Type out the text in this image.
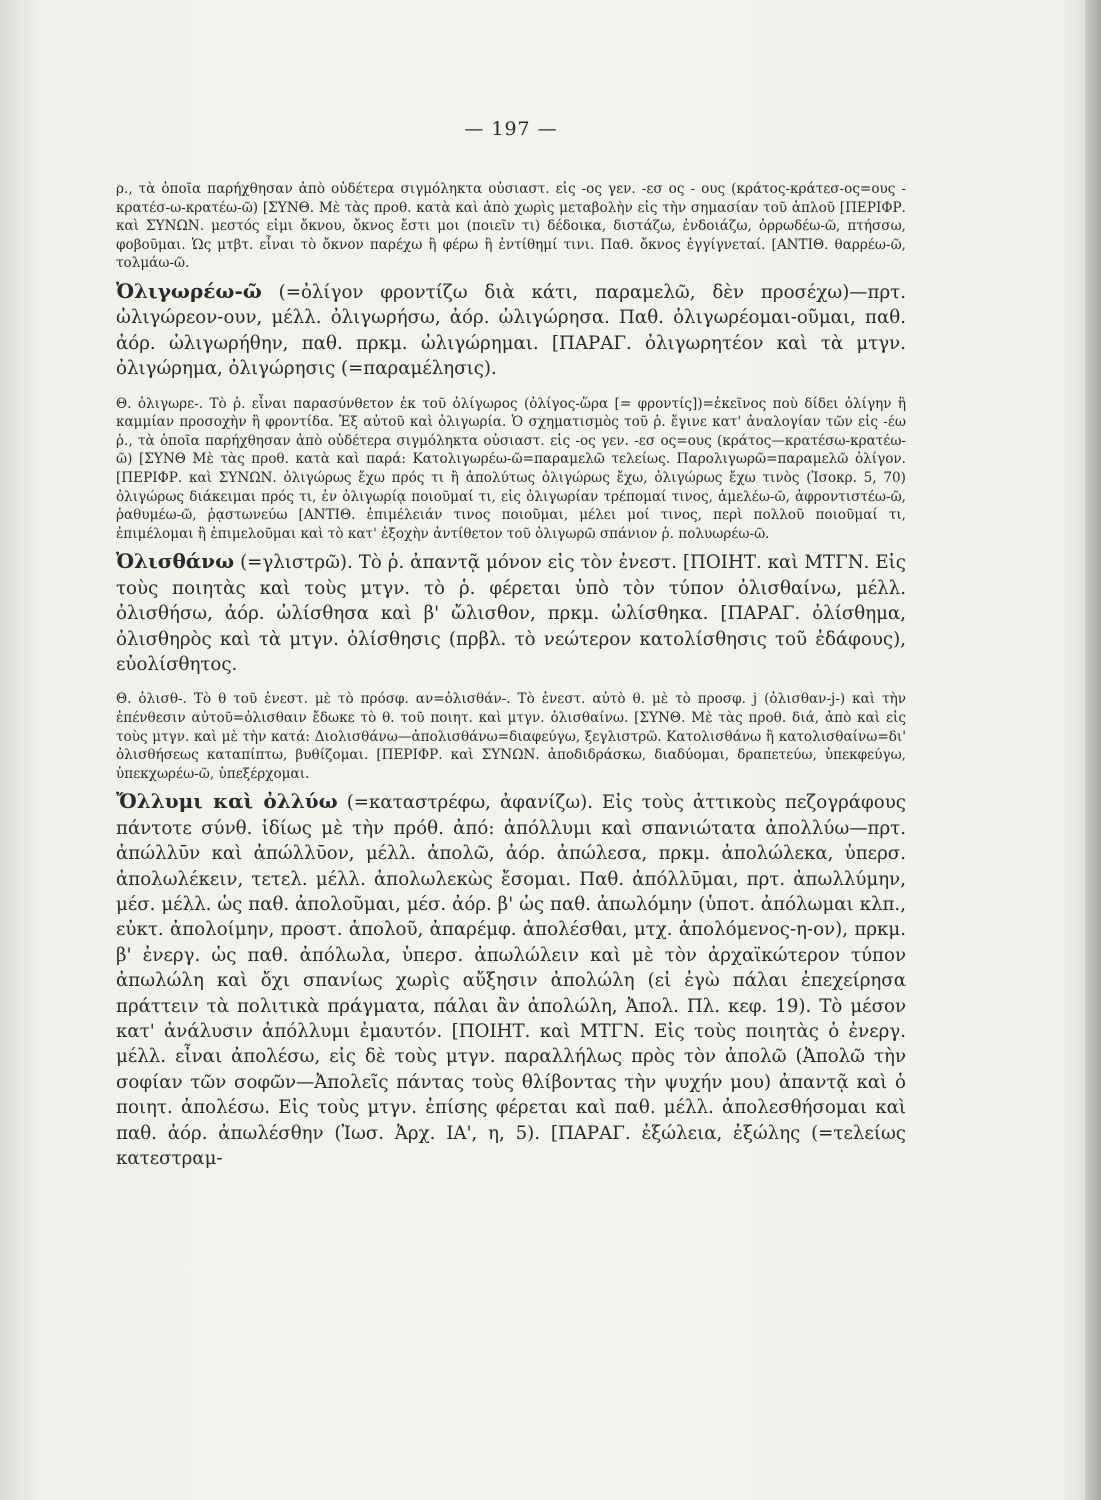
— 197 —

ρ., τὰ ὁποῖα παρήχθησαν ἀπὸ οὐδέτερα σιγμόληκτα οὐσιαστ. εἰς -ος γεν. -εσ ος - ους (κράτος-κράτεσ-ος=ους - κρατέσ-ω-κρατέω-ῶ) [ΣΥΝΘ. Μὲ τὰς προθ. κατὰ καὶ ἀπὸ χωρὶς μεταβολὴν εἰς τὴν σημασίαν τοῦ ἁπλοῦ [ΠΕΡΙΦΡ. καὶ ΣΥΝΩΝ. μεστός εἰμι ὄκνου, ὄκνος ἔστι μοι (ποιεῖν τι) δέδοικα, διστάζω, ἐνδοιάζω, ὀρρωδέω-ῶ, πτήσσω, φοβοῦμαι. Ὡς μτβτ. εἶναι τὸ ὄκνον παρέχω ἢ φέρω ἢ ἐντίθημί τινι. Παθ. ὄκνος ἐγγίγνεταί. [ΑΝΤΙΘ. θαρρέω-ῶ, τολμάω-ῶ.

Ὀλιγωρέω-ῶ (=ὀλίγον φροντίζω διὰ κάτι, παραμελῶ, δὲν προσέχω)—πρτ. ὠλιγώρεον-ουν, μέλλ. ὀλιγωρήσω, ἀόρ. ὠλιγώρησα. Παθ. ὀλιγωρέομαι-οῦμαι, παθ. ἀόρ. ὠλιγωρήθην, παθ. πρκμ. ὠλιγώρημαι. [ΠΑΡΑΓ. ὀλιγωρητέον καὶ τὰ μτγν. ὀλιγώρημα, ὀλιγώρησις (=παραμέλησις).

Θ. ὀλιγωρε-. Τὸ ῥ. εἶναι παρασύνθετον ἐκ τοῦ ὀλίγωρος (ὀλίγος-ὥρα [= φροντίς])=ἐκεῖνος ποὺ δίδει ὀλίγην ἢ καμμίαν προσοχὴν ἢ φροντίδα. Ἐξ αὐτοῦ καὶ ὀλιγωρία. Ὁ σχηματισμὸς τοῦ ῥ. ἔγινε κατ' ἀναλογίαν τῶν εἰς -έω ῥ., τὰ ὁποῖα παρήχθησαν ἀπὸ οὐδέτερα σιγμόληκτα οὐσιαστ. εἰς -ος γεν. -εσ ος=ους (κράτος—κρατέσω-κρατέω-ῶ) [ΣΥΝΘ Μὲ τὰς προθ. κατὰ καὶ παρά: Κατολιγωρέω-ῶ=παραμελῶ τελείως. Παρολιγωρῶ=παραμελῶ ὀλίγον. [ΠΕΡΙΦΡ. καὶ ΣΥΝΩΝ. ὀλιγώρως ἔχω πρός τι ἢ ἀπολύτως ὀλιγώρως ἔχω, ὀλιγώρως ἔχω τινὸς (Ἰσοκρ. 5, 70) ὀλιγώρως διάκειμαι πρός τι, ἐν ὀλιγωρίᾳ ποιοῦμαί τι, εἰς ὀλιγωρίαν τρέπομαί τινος, ἀμελέω-ῶ, ἀφροντιστέω-ῶ, ῥαθυμέω-ῶ, ῥᾳστωνεύω [ΑΝΤΙΘ. ἐπιμέλειάν τινος ποιοῦμαι, μέλει μοί τινος, περὶ πολλοῦ ποιοῦμαί τι, ἐπιμέλομαι ἢ ἐπιμελοῦμαι καὶ τὸ κατ' ἐξοχὴν ἀντίθετον τοῦ ὀλιγωρῶ σπάνιον ῥ. πολυωρέω-ῶ.

Ὀλισθάνω (=γλιστρῶ). Τὸ ῥ. ἀπαντᾷ μόνον εἰς τὸν ἐνεστ. [ΠΟΙΗΤ. καὶ ΜΤΓΝ. Εἰς τοὺς ποιητὰς καὶ τοὺς μτγν. τὸ ῥ. φέρεται ὑπὸ τὸν τύπον ὀλισθαίνω, μέλλ. ὀλισθήσω, ἀόρ. ὠλίσθησα καὶ β' ὤλισθον, πρκμ. ὠλίσθηκα. [ΠΑΡΑΓ. ὀλίσθημα, ὀλισθηρὸς καὶ τὰ μτγν. ὀλίσθησις (πρβλ. τὸ νεώτερον κατολίσθησις τοῦ ἐδάφους), εὐολίσθητος.

Θ. ὀλισθ-. Τὸ θ τοῦ ἐνεστ. μὲ τὸ πρόσφ. αν=ὀλισθάν-. Τὸ ἐνεστ. αὐτὸ θ. μὲ τὸ προσφ. j (ὀλισθαν-j-) καὶ τὴν ἐπένθεσιν αὐτοῦ=ὀλισθαιν ἔδωκε τὸ θ. τοῦ ποιητ. καὶ μτγν. ὀλισθαίνω. [ΣΥΝΘ. Μὲ τὰς προθ. διά, ἀπὸ καὶ εἰς τοὺς μτγν. καὶ μὲ τὴν κατά: Διολισθάνω—ἀπολισθάνω=διαφεύγω, ξεγλιστρῶ. Κατολισθάνω ἢ κατολισθαίνω=δι' ὀλισθήσεως καταπίπτω, βυθίζομαι. [ΠΕΡΙΦΡ. καὶ ΣΥΝΩΝ. ἀποδιδράσκω, διαδύομαι, δραπετεύω, ὑπεκφεύγω, ὑπεκχωρέω-ῶ, ὑπεξέρχομαι.

Ὄλλυμι καὶ ὀλλύω (=καταστρέφω, ἀφανίζω). Εἰς τοὺς ἀττικοὺς πεζογράφους πάντοτε σύνθ. ἰδίως μὲ τὴν πρόθ. ἀπό: ἀπόλλυμι καὶ σπανιώτατα ἀπολλύω—πρτ. ἀπώλλῡν καὶ ἀπώλλῡον, μέλλ. ἀπολῶ, ἀόρ. ἀπώλεσα, πρκμ. ἀπολώλεκα, ὑπερσ. ἀπολωλέκειν, τετελ. μέλλ. ἀπολωλεκὼς ἔσομαι. Παθ. ἀπόλλῡμαι, πρτ. ἀπωλλύμην, μέσ. μέλλ. ὡς παθ. ἀπολοῦμαι, μέσ. ἀόρ. β' ὡς παθ. ἀπωλόμην (ὑποτ. ἀπόλωμαι κλπ., εὐκτ. ἀπολοίμην, προστ. ἀπολοῦ, ἀπαρέμφ. ἀπολέσθαι, μτχ. ἀπολόμενος-η-ον), πρκμ. β' ἐνεργ. ὡς παθ. ἀπόλωλα, ὑπερσ. ἀπωλώλειν καὶ μὲ τὸν ἀρχαϊκώτερον τύπον ἀπωλώλη καὶ ὄχι σπανίως χωρὶς αὔξησιν ἀπολώλη (εἰ ἐγὼ πάλαι ἐπεχείρησα πράττειν τὰ πολιτικὰ πράγματα, πάλαι ἂν ἀπολώλη, Ἀπολ. Πλ. κεφ. 19). Τὸ μέσον κατ' ἀνάλυσιν ἀπόλλυμι ἐμαυτόν. [ΠΟΙΗΤ. καὶ ΜΤΓΝ. Εἰς τοὺς ποιητὰς ὁ ἐνεργ. μέλλ. εἶναι ἀπολέσω, εἰς δὲ τοὺς μτγν. παραλλήλως πρὸς τὸν ἀπολῶ (Ἀπολῶ τὴν σοφίαν τῶν σοφῶν—Ἀπολεῖς πάντας τοὺς θλίβοντας τὴν ψυχήν μου) ἀπαντᾷ καὶ ὁ ποιητ. ἀπολέσω. Εἰς τοὺς μτγν. ἐπίσης φέρεται καὶ παθ. μέλλ. ἀπολεσθήσομαι καὶ παθ. ἀόρ. ἀπωλέσθην (Ἰωσ. Ἀρχ. ΙΑ', η, 5). [ΠΑΡΑΓ. ἐξώλεια, ἐξώλης (=τελείως κατεστραμ-
